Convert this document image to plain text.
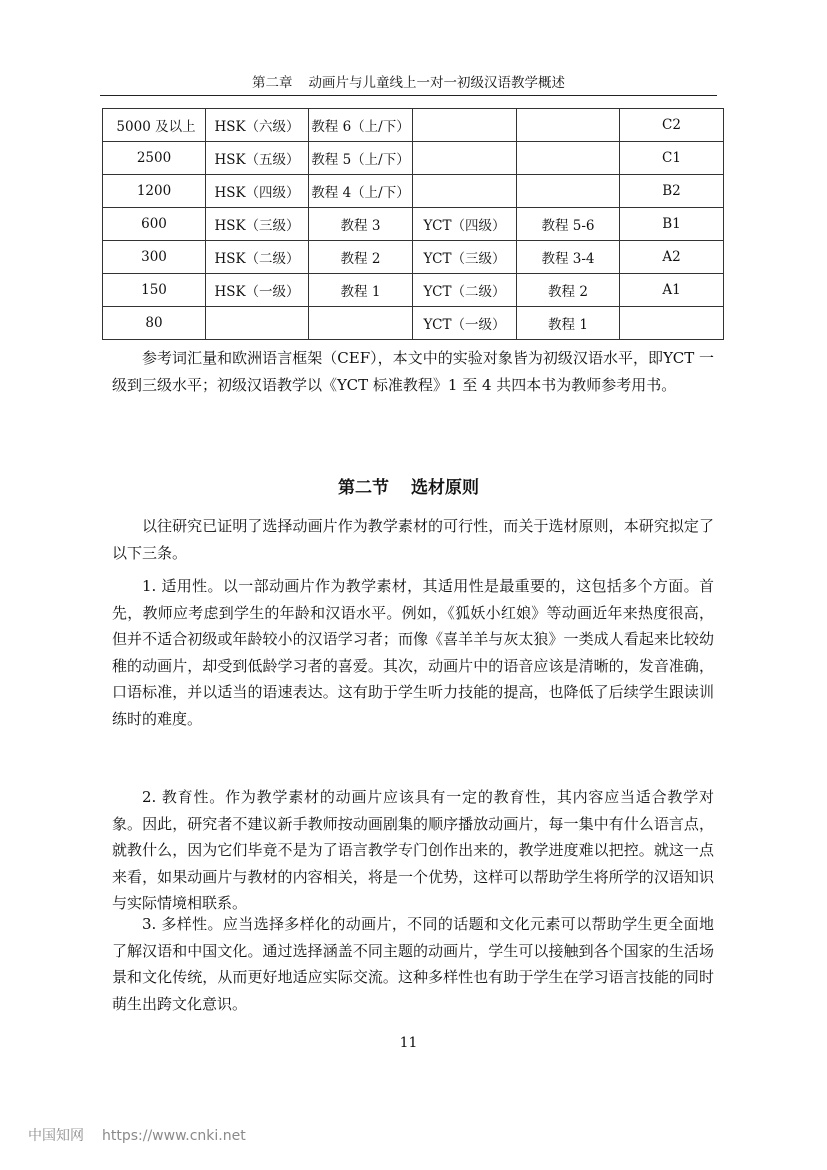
第二章 动画片与儿童线上一对一初级汉语教学概述
5000 及以上	HSK（六级）	教程 6（上/下）			C2
2500	HSK（五级）	教程 5（上/下）			C1
1200	HSK（四级）	教程 4（上/下）			B2
600	HSK（三级）	教程 3	YCT（四级）	教程 5-6	B1
300	HSK（二级）	教程 2	YCT（三级）	教程 3-4	A2
150	HSK（一级）	教程 1	YCT（二级）	教程 2	A1
80			YCT（一级）	教程 1	

参考词汇量和欧洲语言框架（CEF），本文中的实验对象皆为初级汉语水平，即YCT 一级到三级水平；初级汉语教学以《YCT 标准教程》1 至 4 共四本书为教师参考用书。

第二节 选材原则

以往研究已证明了选择动画片作为教学素材的可行性，而关于选材原则，本研究拟定了以下三条。

1. 适用性。以一部动画片作为教学素材，其适用性是最重要的，这包括多个方面。首先，教师应考虑到学生的年龄和汉语水平。例如，《狐妖小红娘》等动画近年来热度很高，但并不适合初级或年龄较小的汉语学习者；而像《喜羊羊与灰太狼》一类成人看起来比较幼稚的动画片，却受到低龄学习者的喜爱。其次，动画片中的语音应该是清晰的，发音准确，口语标准，并以适当的语速表达。这有助于学生听力技能的提高，也降低了后续学生跟读训练时的难度。

2. 教育性。作为教学素材的动画片应该具有一定的教育性，其内容应当适合教学对象。因此，研究者不建议新手教师按动画剧集的顺序播放动画片，每一集中有什么语言点，就教什么，因为它们毕竟不是为了语言教学专门创作出来的，教学进度难以把控。就这一点来看，如果动画片与教材的内容相关，将是一个优势，这样可以帮助学生将所学的汉语知识与实际情境相联系。

3. 多样性。应当选择多样化的动画片，不同的话题和文化元素可以帮助学生更全面地了解汉语和中国文化。通过选择涵盖不同主题的动画片，学生可以接触到各个国家的生活场景和文化传统，从而更好地适应实际交流。这种多样性也有助于学生在学习语言技能的同时萌生出跨文化意识。

11
中国知网 https://www.cnki.net
